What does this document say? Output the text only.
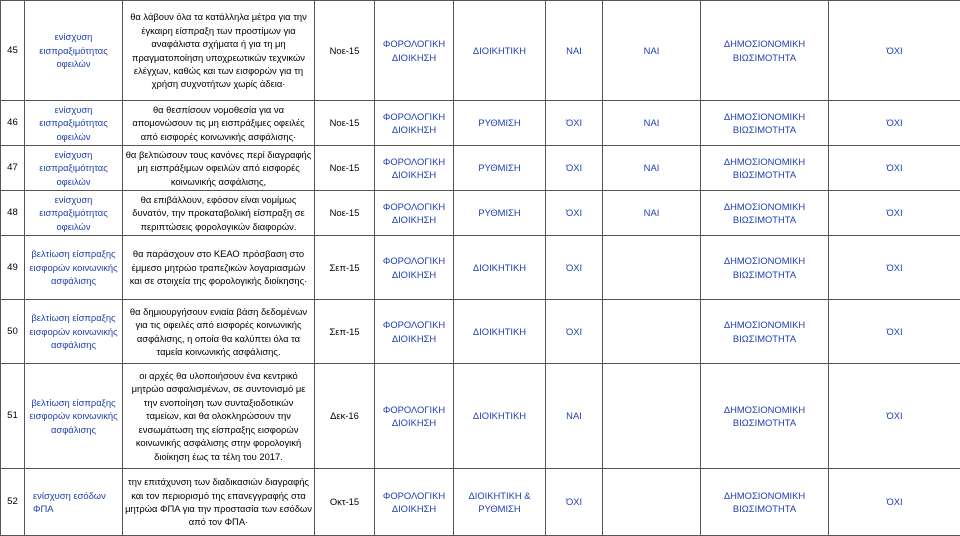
45	ενίσχυση εισπραξιμότητας οφειλών	θα λάβουν όλα τα κατάλληλα μέτρα για την έγκαιρη είσπραξη των προστίμων για αναφάλιστα σχήματα ή για τη μη πραγματοποίηση υποχρεωτικών τεχνικών ελέγχων, καθώς και των εισφορών για τη χρήση συχνοτήτων χωρίς άδεια·	Νοε-15	ΦΟΡΟΛΟΓΙΚΗ ΔΙΟΙΚΗΣΗ	ΔΙΟΙΚΗΤΙΚΗ	ΝΑΙ	ΝΑΙ	ΔΗΜΟΣΙΟΝΟΜΙΚΗ ΒΙΩΣΙΜΟΤΗΤΑ	ΌΧΙ
46	ενίσχυση εισπραξιμότητας οφειλών	θα θεσπίσουν νομοθεσία για να απομονώσουν τις μη εισπράξιμες οφειλές από εισφορές κοινωνικής ασφάλισης·	Νοε-15	ΦΟΡΟΛΟΓΙΚΗ ΔΙΟΙΚΗΣΗ	ΡΥΘΜΙΣΗ	ΌΧΙ	ΝΑΙ	ΔΗΜΟΣΙΟΝΟΜΙΚΗ ΒΙΩΣΙΜΟΤΗΤΑ	ΌΧΙ
47	ενίσχυση εισπραξιμότητας οφειλών	θα βελτιώσουν τους κανόνες περί διαγραφής μη εισπράξιμων οφειλών από εισφορές κοινωνικής ασφάλισης,	Νοε-15	ΦΟΡΟΛΟΓΙΚΗ ΔΙΟΙΚΗΣΗ	ΡΥΘΜΙΣΗ	ΌΧΙ	ΝΑΙ	ΔΗΜΟΣΙΟΝΟΜΙΚΗ ΒΙΩΣΙΜΟΤΗΤΑ	ΌΧΙ
48	ενίσχυση εισπραξιμότητας οφειλών	θα επιβάλλουν, εφόσον είναι νομίμως δυνατόν, την προκαταβολική είσπραξη σε περιπτώσεις φορολογικών διαφορών.	Νοε-15	ΦΟΡΟΛΟΓΙΚΗ ΔΙΟΙΚΗΣΗ	ΡΥΘΜΙΣΗ	ΌΧΙ	ΝΑΙ	ΔΗΜΟΣΙΟΝΟΜΙΚΗ ΒΙΩΣΙΜΟΤΗΤΑ	ΌΧΙ
49	βελτίωση είσπραξης εισφορών κοινωνικής ασφάλισης	θα παράσχουν στο ΚΕΑΟ πρόσβαση στο έμμεσο μητρώο τραπεζικών λογαριασμών και σε στοιχεία της φορολογικής διοίκησης·	Σεπ-15	ΦΟΡΟΛΟΓΙΚΗ ΔΙΟΙΚΗΣΗ	ΔΙΟΙΚΗΤΙΚΗ	ΌΧΙ		ΔΗΜΟΣΙΟΝΟΜΙΚΗ ΒΙΩΣΙΜΟΤΗΤΑ	ΌΧΙ
50	βελτίωση είσπραξης εισφορών κοινωνικής ασφάλισης	θα δημιουργήσουν ενιαία βάση δεδομένων για τις οφειλές από εισφορές κοινωνικής ασφάλισης, η οποία θα καλύπτει όλα τα ταμεία κοινωνικής ασφάλισης.	Σεπ-15	ΦΟΡΟΛΟΓΙΚΗ ΔΙΟΙΚΗΣΗ	ΔΙΟΙΚΗΤΙΚΗ	ΌΧΙ		ΔΗΜΟΣΙΟΝΟΜΙΚΗ ΒΙΩΣΙΜΟΤΗΤΑ	ΌΧΙ
51	βελτίωση είσπραξης εισφορών κοινωνικής ασφάλισης	οι αρχές θα υλοποιήσουν ένα κεντρικό μητρώο ασφαλισμένων, σε συντονισμό με την ενοποίηση των συνταξιοδοτικών ταμείων, και θα ολοκληρώσουν την ενσωμάτωση της είσπραξης εισφορών κοινωνικής ασφάλισης στην φορολογική διοίκηση έως τα τέλη του 2017.	Δεκ-16	ΦΟΡΟΛΟΓΙΚΗ ΔΙΟΙΚΗΣΗ	ΔΙΟΙΚΗΤΙΚΗ	ΝΑΙ		ΔΗΜΟΣΙΟΝΟΜΙΚΗ ΒΙΩΣΙΜΟΤΗΤΑ	ΌΧΙ
52	ενίσχυση εσόδων ΦΠΑ	την επιτάχυνση των διαδικασιών διαγραφής και τον περιορισμό της επανεγγραφής στα μητρώα ΦΠΑ για την προστασία των εσόδων από τον ΦΠΑ·	Οκτ-15	ΦΟΡΟΛΟΓΙΚΗ ΔΙΟΙΚΗΣΗ	ΔΙΟΙΚΗΤΙΚΗ & ΡΥΘΜΙΣΗ	ΌΧΙ		ΔΗΜΟΣΙΟΝΟΜΙΚΗ ΒΙΩΣΙΜΟΤΗΤΑ	ΌΧΙ
